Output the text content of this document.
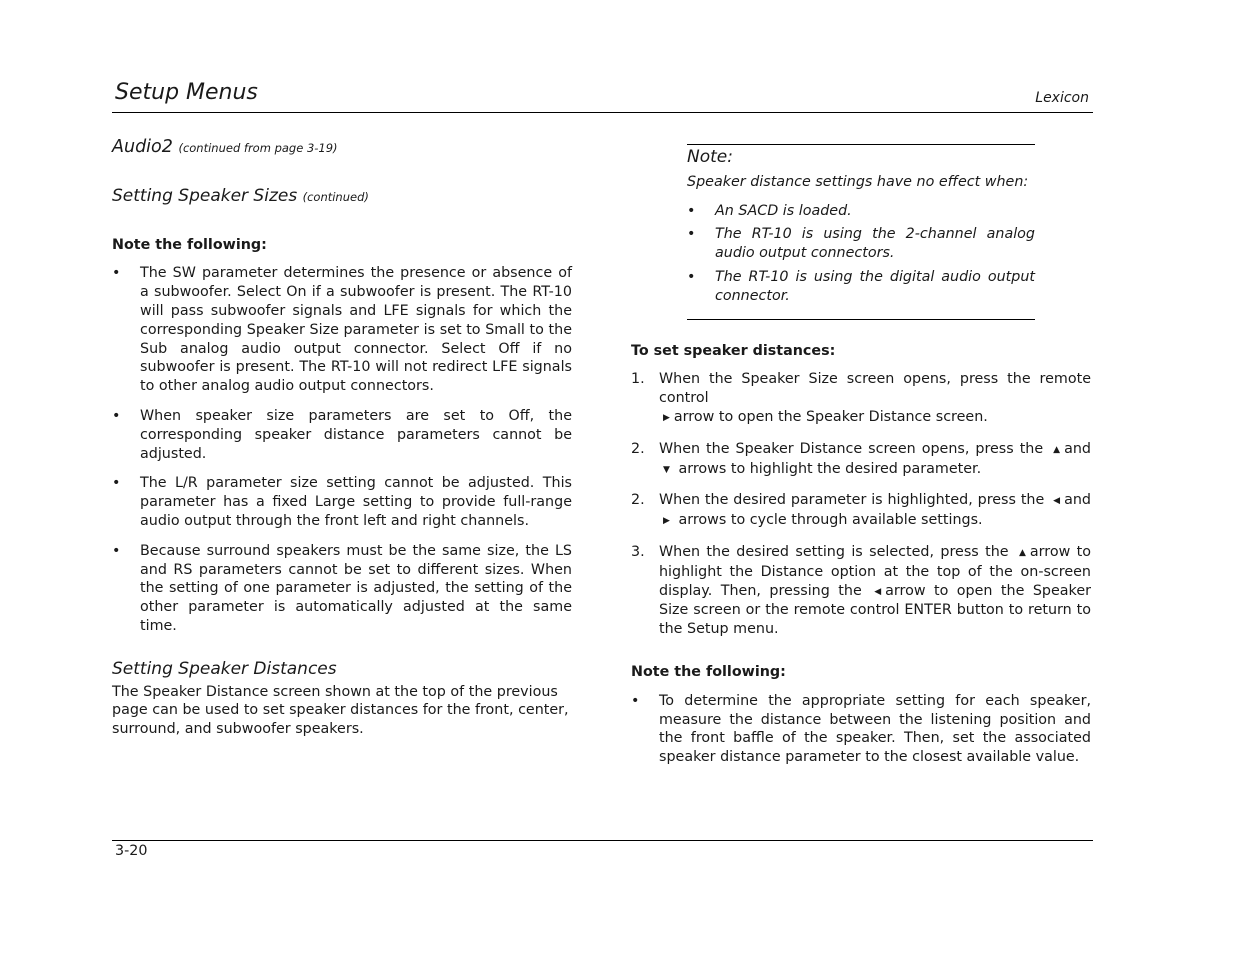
Setup Menus	Lexicon

Audio2 (continued from page 3-19)

Setting Speaker Sizes (continued)

Note the following:

• The SW parameter determines the presence or absence of a subwoofer. Select On if a subwoofer is present. The RT-10 will pass subwoofer signals and LFE signals for which the corresponding Speaker Size parameter is set to Small to the Sub analog audio output connector. Select Off if no subwoofer is present. The RT-10 will not redirect LFE signals to other analog audio output connectors.
• When speaker size parameters are set to Off, the corresponding speaker distance parameters cannot be adjusted.
• The L/R parameter size setting cannot be adjusted. This parameter has a fixed Large setting to provide full-range audio output through the front left and right channels.
• Because surround speakers must be the same size, the LS and RS parameters cannot be set to different sizes. When the setting of one parameter is adjusted, the setting of the other parameter is automatically adjusted at the same time.

Setting Speaker Distances

The Speaker Distance screen shown at the top of the previous page can be used to set speaker distances for the front, center, surround, and subwoofer speakers.

Note:

Speaker distance settings have no effect when:

• An SACD is loaded.
• The RT-10 is using the 2-channel analog audio output connectors.
• The RT-10 is using the digital audio output connector.

To set speaker distances:

1. When the Speaker Size screen opens, press the remote control
▶ arrow to open the Speaker Distance screen.
2. When the Speaker Distance screen opens, press the ▲ and ▼ arrows to highlight the desired parameter.
2. When the desired parameter is highlighted, press the ◀ and ▶ arrows to cycle through available settings.
3. When the desired setting is selected, press the ▲ arrow to highlight the Distance option at the top of the on-screen display. Then, pressing the ◀ arrow to open the Speaker Size screen or the remote control ENTER button to return to the Setup menu.

Note the following:

• To determine the appropriate setting for each speaker, measure the distance between the listening position and the front baffle of the speaker. Then, set the associated speaker distance parameter to the closest available value.
3-20
